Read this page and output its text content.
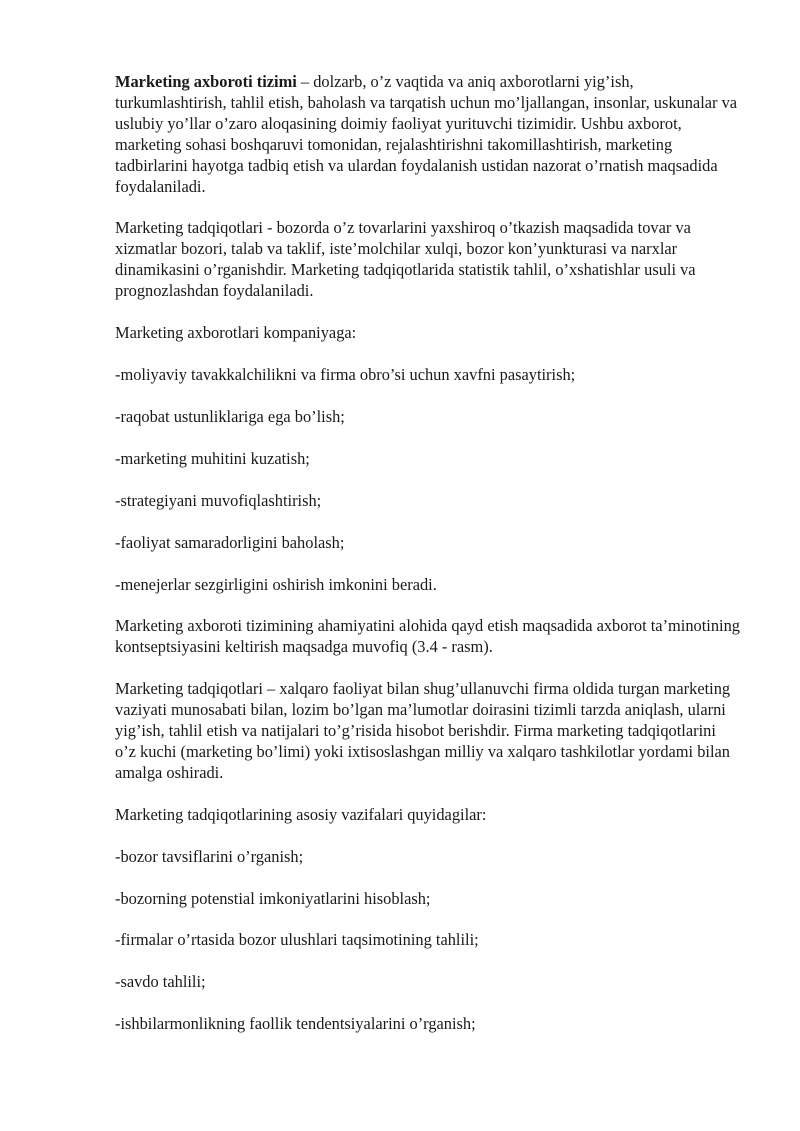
Marketing axboroti tizimi – dolzarb, o’z vaqtida va aniq axborotlarni yig’ish, turkumlashtirish, tahlil etish, baholash va tarqatish uchun mo’ljallangan, insonlar, uskunalar va uslubiy yo’llar o’zaro aloqasining doimiy faoliyat yurituvchi tizimidir. Ushbu axborot, marketing sohasi boshqaruvi tomonidan, rejalashtirishni takomillashtirish, marketing tadbirlarini hayotga tadbiq etish va ulardan foydalanish ustidan nazorat o’rnatish maqsadida foydalaniladi.

Marketing tadqiqotlari - bozorda o’z tovarlarini yaxshiroq o’tkazish maqsadida tovar va xizmatlar bozori, talab va taklif, iste’molchilar xulqi, bozor kon’yunkturasi va narxlar dinamikasini o’rganishdir. Marketing tadqiqotlarida statistik tahlil, o’xshatishlar usuli va prognozlashdan foydalaniladi.

Marketing axborotlari kompaniyaga:

-moliyaviy tavakkalchilikni va firma obro’si uchun xavfni pasaytirish;

-raqobat ustunliklariga ega bo’lish;

-marketing muhitini kuzatish;

-strategiyani muvofiqlashtirish;

-faoliyat samaradorligini baholash;

-menejerlar sezgirligini oshirish imkonini beradi.

Marketing axboroti tizimining ahamiyatini alohida qayd etish maqsadida axborot ta’minotining kontseptsiyasini keltirish maqsadga muvofiq (3.4 - rasm).

Marketing tadqiqotlari – xalqaro faoliyat bilan shug’ullanuvchi firma oldida turgan marketing vaziyati munosabati bilan, lozim bo’lgan ma’lumotlar doirasini tizimli tarzda aniqlash, ularni yig’ish, tahlil etish va natijalari to’g’risida hisobot berishdir. Firma marketing tadqiqotlarini o’z kuchi (marketing bo’limi) yoki ixtisoslashgan milliy va xalqaro tashkilotlar yordami bilan amalga oshiradi.

Marketing tadqiqotlarining asosiy vazifalari quyidagilar:

-bozor tavsiflarini o’rganish;

-bozorning potenstial imkoniyatlarini hisoblash;

-firmalar o’rtasida bozor ulushlari taqsimotining tahlili;

-savdo tahlili;

-ishbilarmonlikning faollik tendentsiyalarini o’rganish;
